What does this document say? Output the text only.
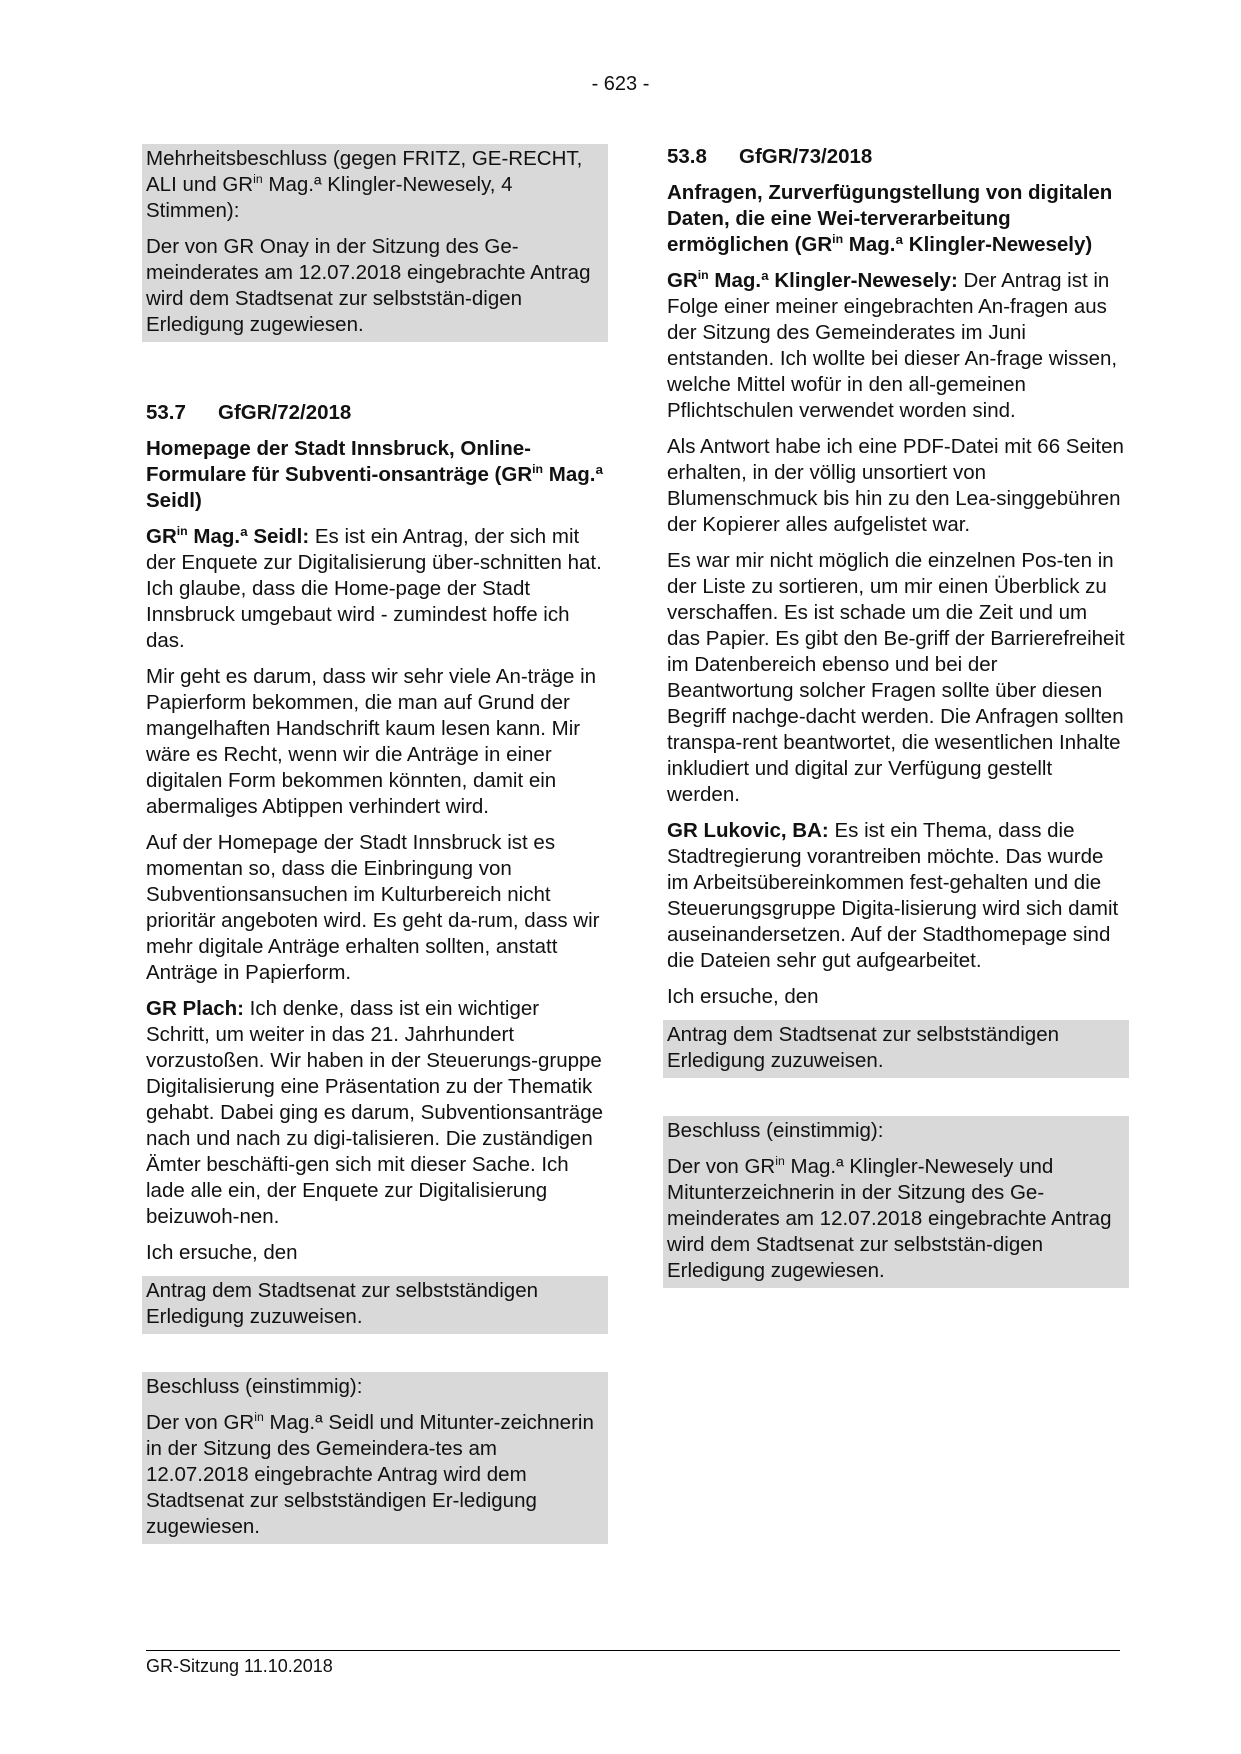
- 623 -

Mehrheitsbeschluss (gegen FRITZ, GE-RECHT, ALI und $GR^{in}$ Mag.ª Klingler-Newesely, 4 Stimmen):

Der von GR Onay in der Sitzung des Ge-meinderates am 12.07.2018 eingebrachte Antrag wird dem Stadtsenat zur selbststän-digen Erledigung zugewiesen.

53.7	GfGR/72/2018

Homepage der Stadt Innsbruck, Online-Formulare für Subventi-onsanträge ($GR^{in}$ Mag.ª Seidl)

$GR^{in}$ Mag.ª Seidl: Es ist ein Antrag, der sich mit der Enquete zur Digitalisierung über-schnitten hat. Ich glaube, dass die Home-page der Stadt Innsbruck umgebaut wird - zumindest hoffe ich das.

Mir geht es darum, dass wir sehr viele An-träge in Papierform bekommen, die man auf Grund der mangelhaften Handschrift kaum lesen kann. Mir wäre es Recht, wenn wir die Anträge in einer digitalen Form bekommen könnten, damit ein abermaliges Abtippen verhindert wird.

Auf der Homepage der Stadt Innsbruck ist es momentan so, dass die Einbringung von Subventionsansuchen im Kulturbereich nicht prioritär angeboten wird. Es geht da-rum, dass wir mehr digitale Anträge erhalten sollten, anstatt Anträge in Papierform.

GR Plach: Ich denke, dass ist ein wichtiger Schritt, um weiter in das 21. Jahrhundert vorzustoßen. Wir haben in der Steuerungs-gruppe Digitalisierung eine Präsentation zu der Thematik gehabt. Dabei ging es darum, Subventionsanträge nach und nach zu digi-talisieren. Die zuständigen Ämter beschäfti-gen sich mit dieser Sache. Ich lade alle ein, der Enquete zur Digitalisierung beizuwoh-nen.

Ich ersuche, den

Antrag dem Stadtsenat zur selbstständigen Erledigung zuzuweisen.

Beschluss (einstimmig):

Der von $GR^{in}$ Mag.ª Seidl und Mitunter-zeichnerin in der Sitzung des Gemeindera-tes am 12.07.2018 eingebrachte Antrag wird dem Stadtsenat zur selbstständigen Er-ledigung zugewiesen.

53.8	GfGR/73/2018

Anfragen, Zurverfügungstellung von digitalen Daten, die eine Wei-terverarbeitung ermöglichen ($GR^{in}$ Mag.ª Klingler-Newesely)

$GR^{in}$ Mag.ª Klingler-Newesely: Der Antrag ist in Folge einer meiner eingebrachten An-fragen aus der Sitzung des Gemeinderates im Juni entstanden. Ich wollte bei dieser An-frage wissen, welche Mittel wofür in den all-gemeinen Pflichtschulen verwendet worden sind.

Als Antwort habe ich eine PDF-Datei mit 66 Seiten erhalten, in der völlig unsortiert von Blumenschmuck bis hin zu den Lea-singgebühren der Kopierer alles aufgelistet war.

Es war mir nicht möglich die einzelnen Pos-ten in der Liste zu sortieren, um mir einen Überblick zu verschaffen. Es ist schade um die Zeit und um das Papier. Es gibt den Be-griff der Barrierefreiheit im Datenbereich ebenso und bei der Beantwortung solcher Fragen sollte über diesen Begriff nachge-dacht werden. Die Anfragen sollten transpa-rent beantwortet, die wesentlichen Inhalte inkludiert und digital zur Verfügung gestellt werden.

GR Lukovic, BA: Es ist ein Thema, dass die Stadtregierung vorantreiben möchte. Das wurde im Arbeitsübereinkommen fest-gehalten und die Steuerungsgruppe Digita-lisierung wird sich damit auseinandersetzen. Auf der Stadthomepage sind die Dateien sehr gut aufgearbeitet.

Ich ersuche, den

Antrag dem Stadtsenat zur selbstständigen Erledigung zuzuweisen.

Beschluss (einstimmig):

Der von $GR^{in}$ Mag.ª Klingler-Newesely und Mitunterzeichnerin in der Sitzung des Ge-meinderates am 12.07.2018 eingebrachte Antrag wird dem Stadtsenat zur selbststän-digen Erledigung zugewiesen.

GR-Sitzung 11.10.2018
